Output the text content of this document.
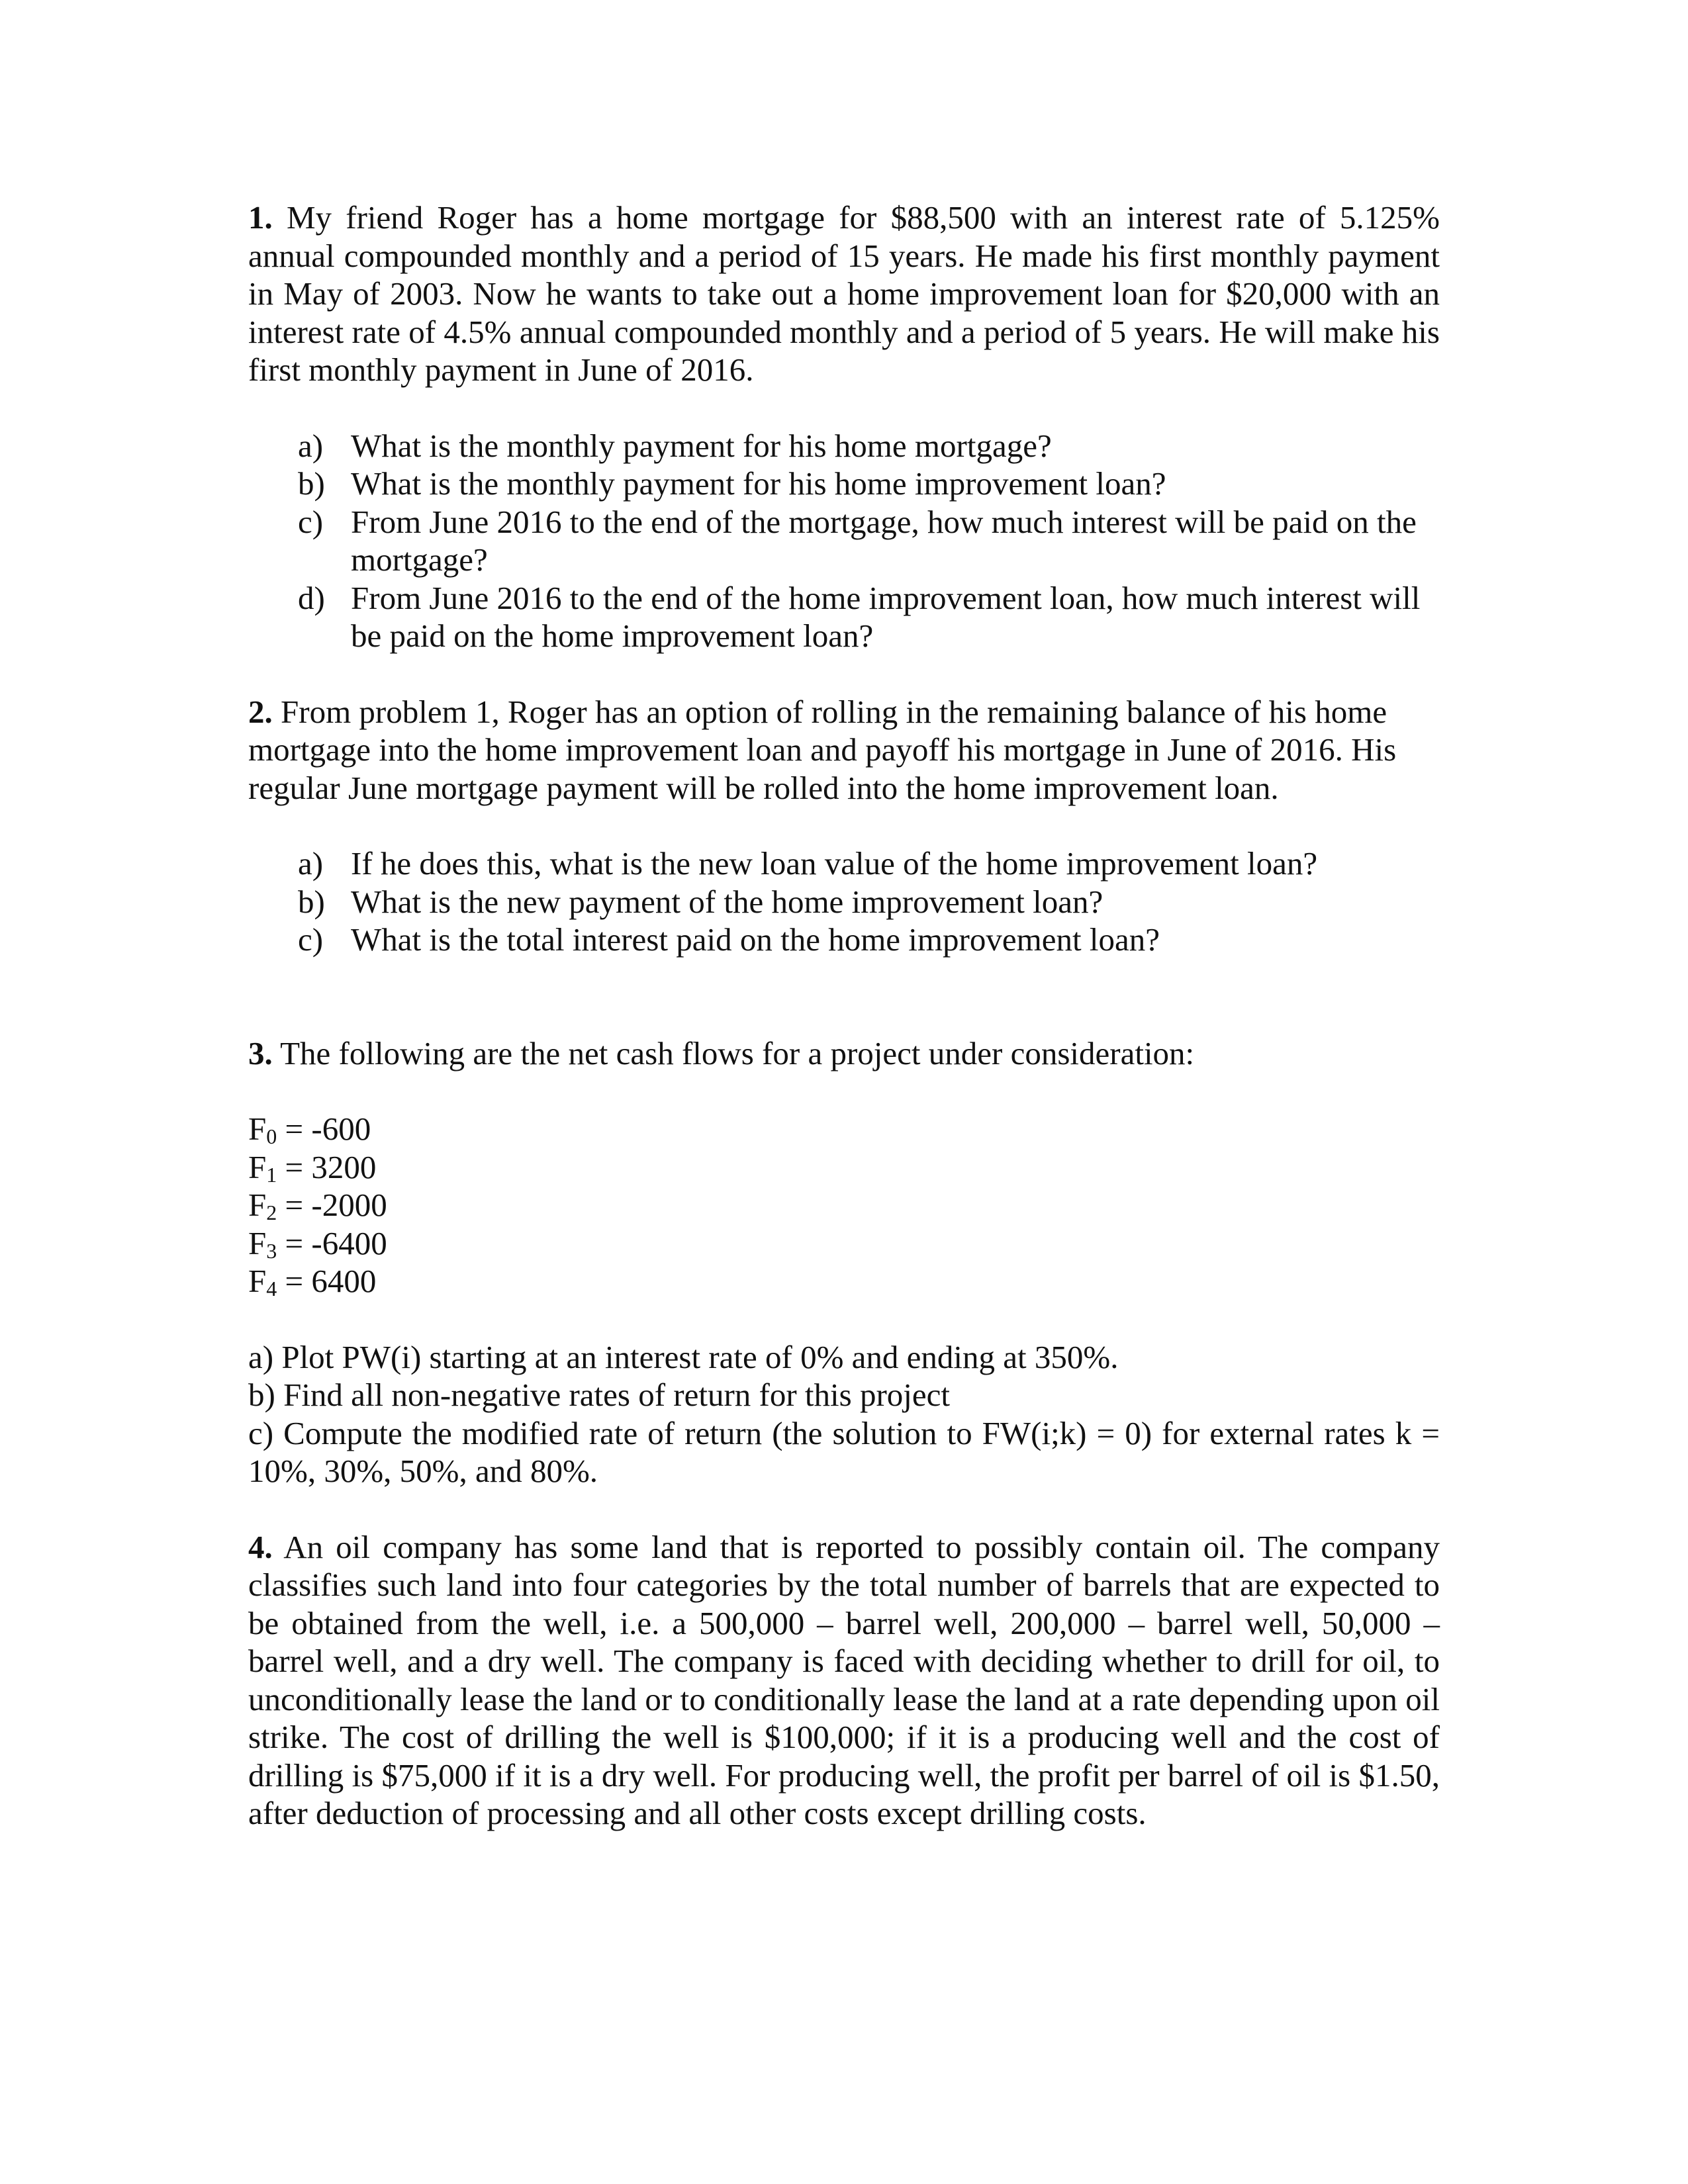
1. My friend Roger has a home mortgage for $88,500 with an interest rate of 5.125% annual compounded monthly and a period of 15 years. He made his first monthly payment in May of 2003. Now he wants to take out a home improvement loan for $20,000 with an interest rate of 4.5% annual compounded monthly and a period of 5 years. He will make his first monthly payment in June of 2016.

a) What is the monthly payment for his home mortgage?
b) What is the monthly payment for his home improvement loan?
c) From June 2016 to the end of the mortgage, how much interest will be paid on the mortgage?
d) From June 2016 to the end of the home improvement loan, how much interest will be paid on the home improvement loan?

2. From problem 1, Roger has an option of rolling in the remaining balance of his home mortgage into the home improvement loan and payoff his mortgage in June of 2016. His regular June mortgage payment will be rolled into the home improvement loan.

a) If he does this, what is the new loan value of the home improvement loan?
b) What is the new payment of the home improvement loan?
c) What is the total interest paid on the home improvement loan?

3. The following are the net cash flows for a project under consideration:

$F_0 = -600$

$F_1 = 3200$

$F_2 = -2000$

$F_3 = -6400$

$F_4 = 6400$

a) Plot PW(i) starting at an interest rate of 0% and ending at 350%.

b) Find all non-negative rates of return for this project

c) Compute the modified rate of return (the solution to FW(i;k) = 0) for external rates k = 10%, 30%, 50%, and 80%.

4. An oil company has some land that is reported to possibly contain oil. The company classifies such land into four categories by the total number of barrels that are expected to be obtained from the well, i.e. a 500,000 – barrel well, 200,000 – barrel well, 50,000 – barrel well, and a dry well. The company is faced with deciding whether to drill for oil, to unconditionally lease the land or to conditionally lease the land at a rate depending upon oil strike. The cost of drilling the well is $100,000; if it is a producing well and the cost of drilling is $75,000 if it is a dry well. For producing well, the profit per barrel of oil is $1.50, after deduction of processing and all other costs except drilling costs.
